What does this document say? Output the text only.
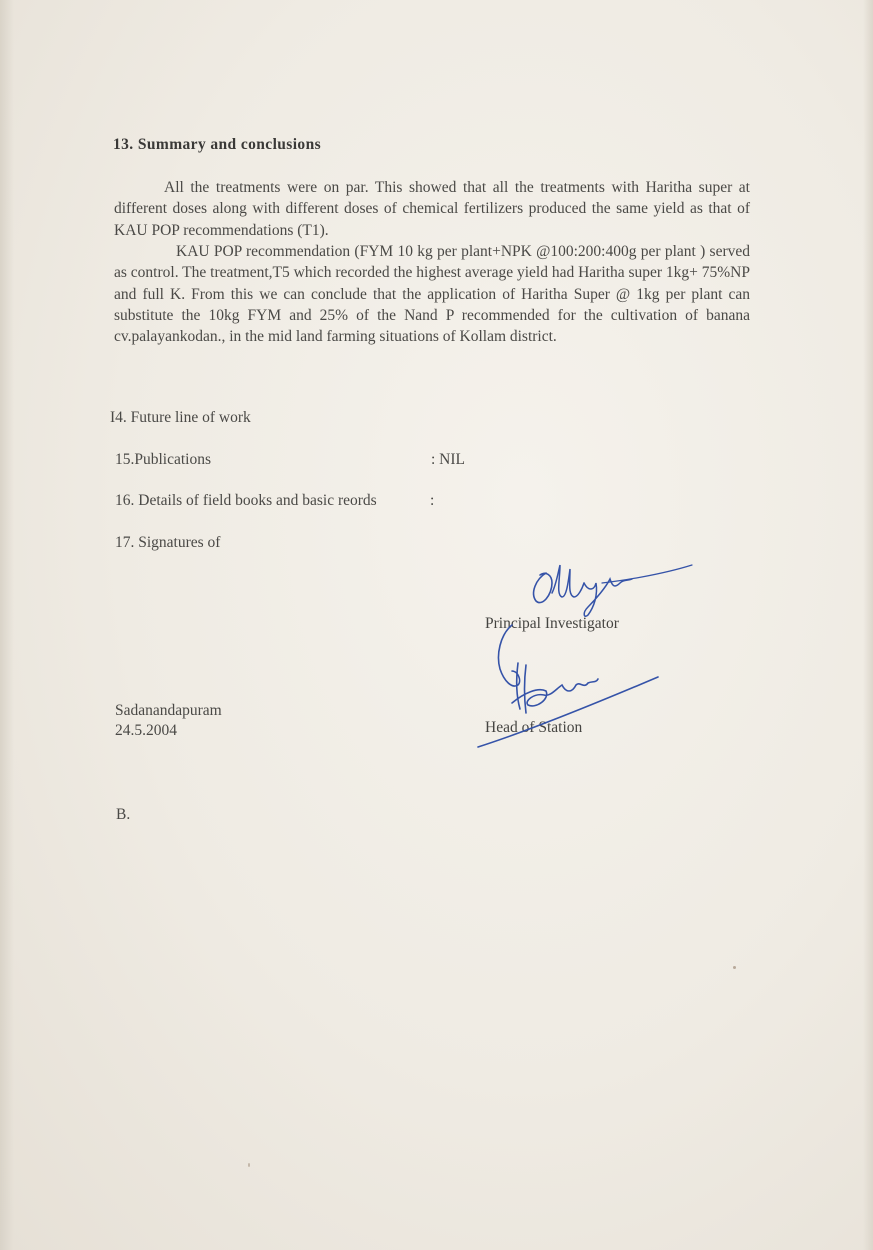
13. Summary and conclusions
All the treatments were on par. This showed that all the treatments with Haritha super at different doses along with different doses of chemical fertilizers produced the same yield as that of KAU POP recommendations (T1).
KAU POP recommendation (FYM 10 kg per plant+NPK @100:200:400g per plant ) served as control. The treatment,T5 which recorded the highest average yield had Haritha super 1kg+ 75%NP and full K. From this we can conclude that the application of Haritha Super @ 1kg per plant can substitute the 10kg FYM and 25% of the Nand P recommended for the cultivation of banana cv.palayankodan., in the mid land farming situations of Kollam district.
I4. Future line of work
15.Publications	: NIL
16. Details of field books and basic reords	:
17. Signatures of
Principal Investigator
Head of Station
Sadanandapuram
24.5.2004
B.
